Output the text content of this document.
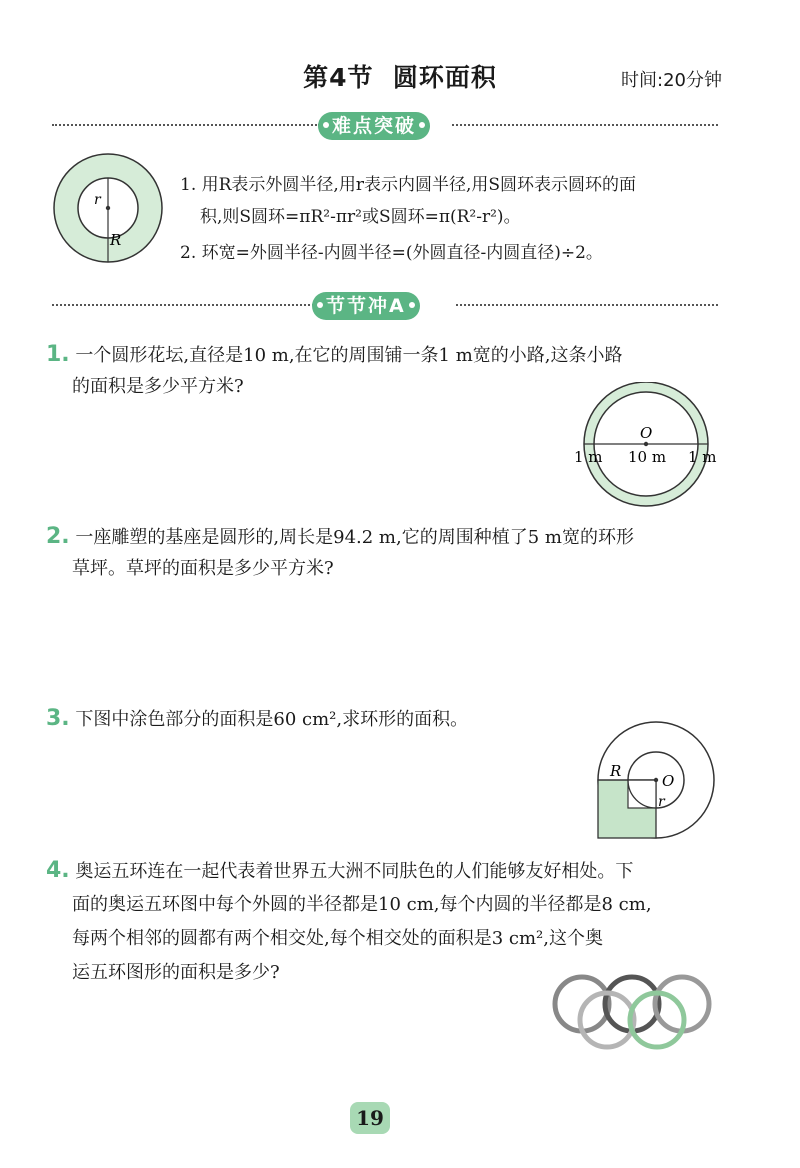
第4节  圆环面积	时间:20分钟
难点突破
r
R
1. 用R表示外圆半径,用r表示内圆半径,用S圆环表示圆环的面
积,则S圆环=πR²-πr²或S圆环=π(R²-r²)。
2. 环宽=外圆半径-内圆半径=(外圆直径-内圆直径)÷2。
节节冲A
1. 一个圆形花坛,直径是10 m,在它的周围铺一条1 m宽的小路,这条小路
的面积是多少平方米?
O
1 m 10 m 1 m
2. 一座雕塑的基座是圆形的,周长是94.2 m,它的周围种植了5 m宽的环形
草坪。草坪的面积是多少平方米?
3. 下图中涂色部分的面积是60 cm²,求环形的面积。
R
O
r
4. 奥运五环连在一起代表着世界五大洲不同肤色的人们能够友好相处。下
面的奥运五环图中每个外圆的半径都是10 cm,每个内圆的半径都是8 cm,
每两个相邻的圆都有两个相交处,每个相交处的面积是3 cm²,这个奥
运五环图形的面积是多少?
19
